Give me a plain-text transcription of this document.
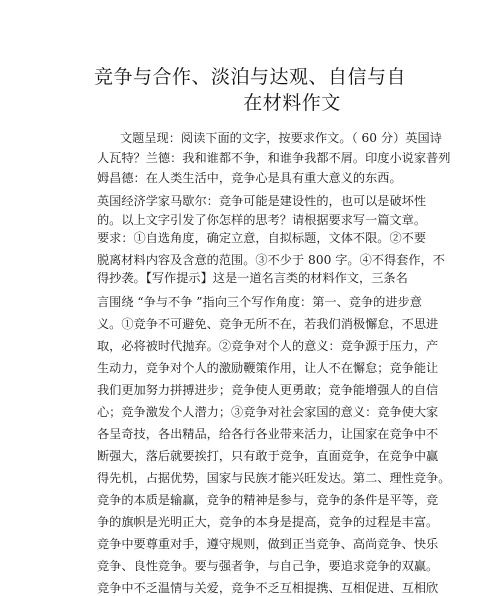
竞争与合作、淡泊与达观、自信与自
在材料作文
文题呈现：阅读下面的文字，按要求作文。（ 60 分）英国诗
人瓦特？兰德：我和谁都不争，和谁争我都不屑。印度小说家普列
姆昌德：在人类生活中，竞争心是具有重大意义的东西。
英国经济学家马歇尔：竞争可能是建设性的，也可以是破坏性
的。以上文字引发了你怎样的思考？请根据要求写一篇文章。
要求：①自选角度，确定立意，自拟标题，文体不限。②不要
脱离材料内容及含意的范围。③不少于 800 字。④不得套作，不
得抄袭。【写作提示】这是一道名言类的材料作文，三条名
言围绕 “争与不争 ”指向三个写作角度：第一、竞争的进步意
义。①竞争不可避免、竞争无所不在，若我们消极懈怠，不思进
取，必将被时代抛弃。②竞争对个人的意义：竞争源于压力，产
生动力，竞争对个人的激励鞭策作用，让人不在懈怠；竞争能让
我们更加努力拼搏进步；竞争使人更勇敢；竞争能增强人的自信
心；竞争激发个人潜力；③竞争对社会家国的意义：竞争使大家
各呈奇技，各出精品，给各行各业带来活力，让国家在竞争中不
断强大，落后就要挨打，只有敢于竞争，直面竞争，在竞争中赢
得先机，占据优势，国家与民族才能兴旺发达。第二、理性竞争。
竞争的本质是输赢，竞争的精神是参与，竞争的条件是平等，竞
争的旗帜是光明正大，竞争的本身是提高，竞争的过程是丰富。
竞争中要尊重对手，遵守规则，做到正当竞争、高尚竞争、快乐
竞争、良性竞争。要与强者争，与自己争，要追求竞争的双赢。
竞争中不乏温情与关爱，竞争不乏互相提携、互相促进、互相欣
